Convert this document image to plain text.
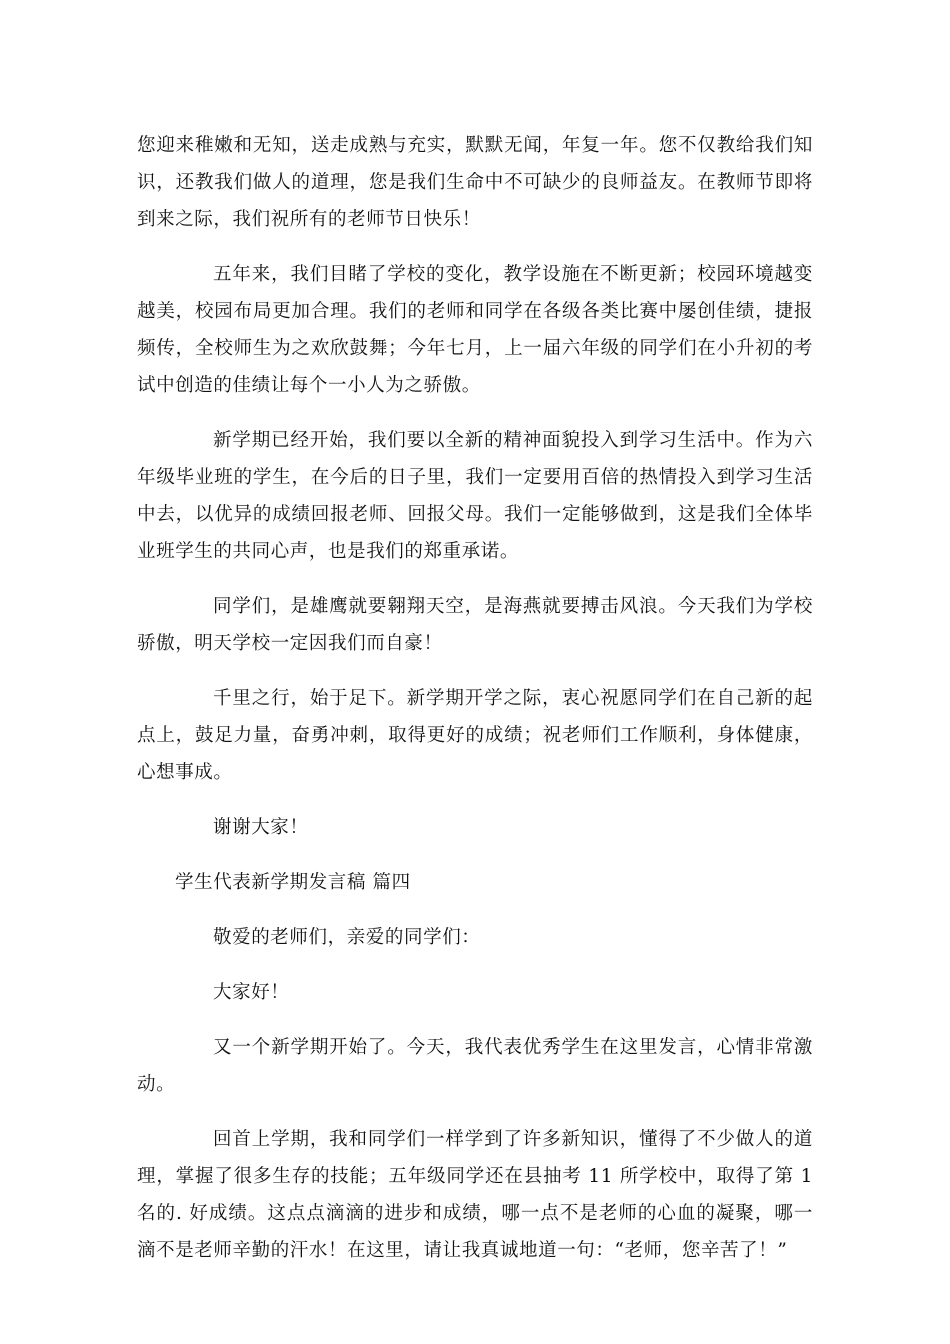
您迎来稚嫩和无知，送走成熟与充实，默默无闻，年复一年。您不仅教给我们知识，还教我们做人的道理，您是我们生命中不可缺少的良师益友。在教师节即将到来之际，我们祝所有的老师节日快乐！

五年来，我们目睹了学校的变化，教学设施在不断更新；校园环境越变越美，校园布局更加合理。我们的老师和同学在各级各类比赛中屡创佳绩，捷报频传，全校师生为之欢欣鼓舞；今年七月，上一届六年级的同学们在小升初的考试中创造的佳绩让每个一小人为之骄傲。

新学期已经开始，我们要以全新的精神面貌投入到学习生活中。作为六年级毕业班的学生，在今后的日子里，我们一定要用百倍的热情投入到学习生活中去，以优异的成绩回报老师、回报父母。我们一定能够做到，这是我们全体毕业班学生的共同心声，也是我们的郑重承诺。

同学们，是雄鹰就要翱翔天空，是海燕就要搏击风浪。今天我们为学校骄傲，明天学校一定因我们而自豪！

千里之行，始于足下。新学期开学之际，衷心祝愿同学们在自己新的起点上，鼓足力量，奋勇冲刺，取得更好的成绩；祝老师们工作顺利，身体健康，心想事成。

谢谢大家！

学生代表新学期发言稿 篇四

敬爱的老师们，亲爱的同学们：

大家好！

又一个新学期开始了。今天，我代表优秀学生在这里发言，心情非常激动。

回首上学期，我和同学们一样学到了许多新知识，懂得了不少做人的道理，掌握了很多生存的技能；五年级同学还在县抽考 11 所学校中，取得了第 1 名的. 好成绩。这点点滴滴的进步和成绩，哪一点不是老师的心血的凝聚，哪一滴不是老师辛勤的汗水！在这里，请让我真诚地道一句：“老师，您辛苦了！”
